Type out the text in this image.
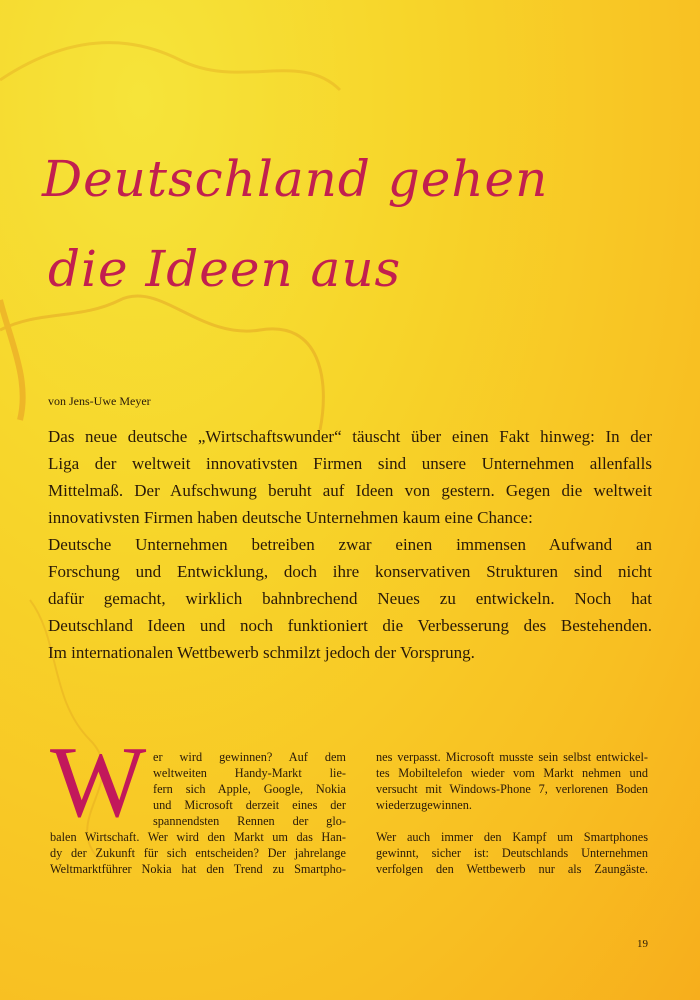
Deutschland gehen
die Ideen aus
von Jens-Uwe Meyer
Das neue deutsche „Wirtschaftswunder“ täuscht über einen Fakt hinweg: In der
Liga der weltweit innovativsten Firmen sind unsere Unternehmen allenfalls
Mittelmaß. Der Aufschwung beruht auf Ideen von gestern. Gegen die weltweit
innovativsten Firmen haben deutsche Unternehmen kaum eine Chance:
Deutsche Unternehmen betreiben zwar einen immensen Aufwand an
Forschung und Entwicklung, doch ihre konservativen Strukturen sind nicht
dafür gemacht, wirklich bahnbrechend Neues zu entwickeln. Noch hat
Deutschland Ideen und noch funktioniert die Verbesserung des Bestehenden.
Im internationalen Wettbewerb schmilzt jedoch der Vorsprung.
W er wird gewinnen? Auf dem
weltweiten Handy-Markt lie-
fern sich Apple, Google, Nokia
und Microsoft derzeit eines der
spannendsten Rennen der glo-
balen Wirtschaft. Wer wird den Markt um das Han-
dy der Zukunft für sich entscheiden? Der jahrelange
Weltmarktführer Nokia hat den Trend zu Smartpho-
nes verpasst. Microsoft musste sein selbst entwickel-
tes Mobiltelefon wieder vom Markt nehmen und
versucht mit Windows-Phone 7, verlorenen Boden
wiederzugewinnen.
Wer auch immer den Kampf um Smartphones
gewinnt, sicher ist: Deutschlands Unternehmen
verfolgen den Wettbewerb nur als Zaungäste.
19
